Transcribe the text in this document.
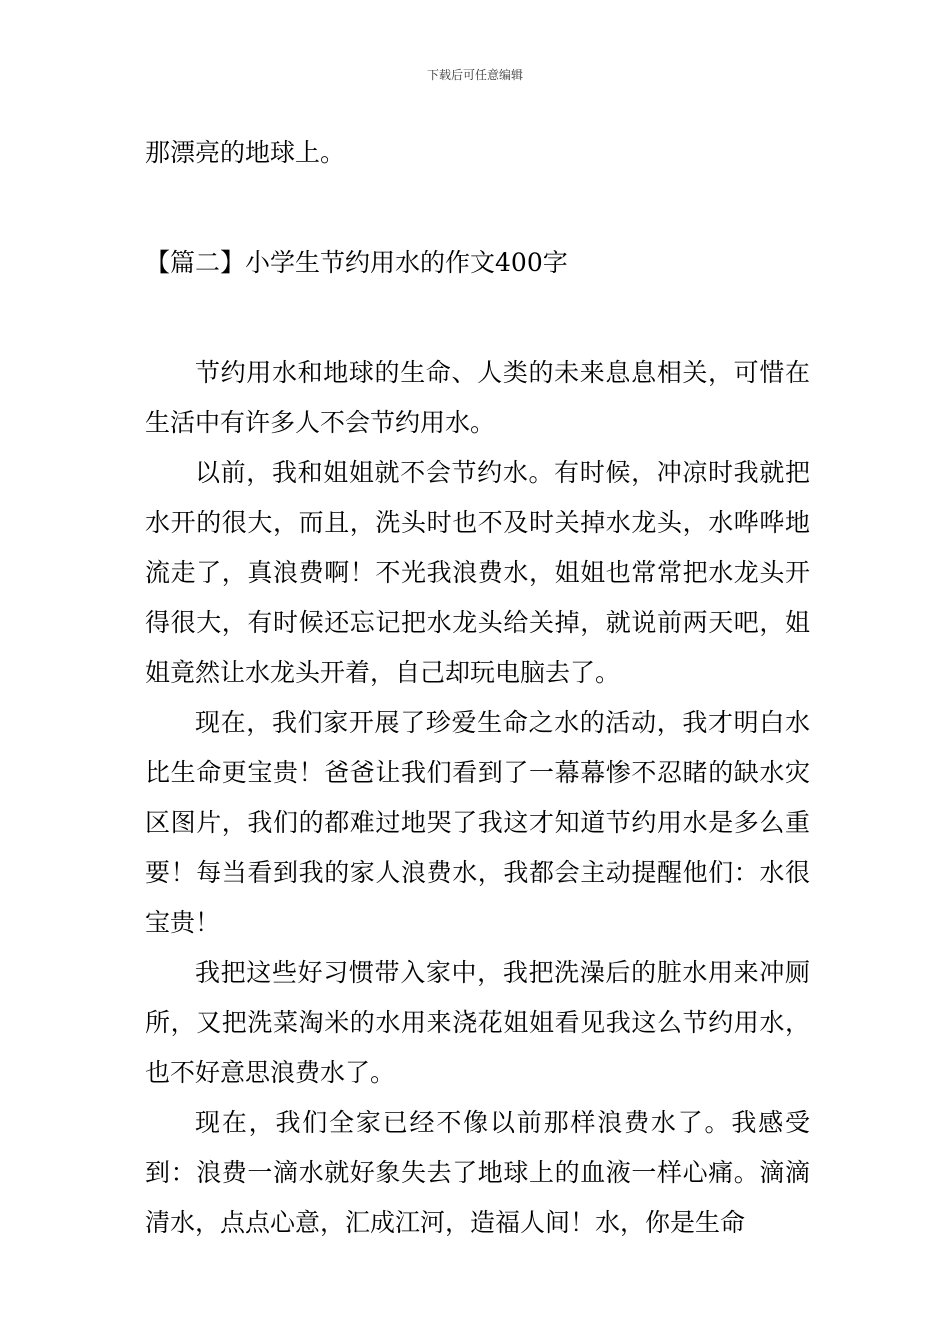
下载后可任意编辑

那漂亮的地球上。

【篇二】小学生节约用水的作文400字

节约用水和地球的生命、人类的未来息息相关，可惜在生活中有许多人不会节约用水。

以前，我和姐姐就不会节约水。有时候，冲凉时我就把水开的很大，而且，洗头时也不及时关掉水龙头，水哗哗地流走了，真浪费啊！不光我浪费水，姐姐也常常把水龙头开得很大，有时候还忘记把水龙头给关掉，就说前两天吧，姐姐竟然让水龙头开着，自己却玩电脑去了。

现在，我们家开展了珍爱生命之水的活动，我才明白水比生命更宝贵！爸爸让我们看到了一幕幕惨不忍睹的缺水灾区图片，我们的都难过地哭了我这才知道节约用水是多么重要！每当看到我的家人浪费水，我都会主动提醒他们：水很宝贵！

我把这些好习惯带入家中，我把洗澡后的脏水用来冲厕所，又把洗菜淘米的水用来浇花姐姐看见我这么节约用水，也不好意思浪费水了。

现在，我们全家已经不像以前那样浪费水了。我感受到：浪费一滴水就好象失去了地球上的血液一样心痛。滴滴清水，点点心意，汇成江河，造福人间！水，你是生命
